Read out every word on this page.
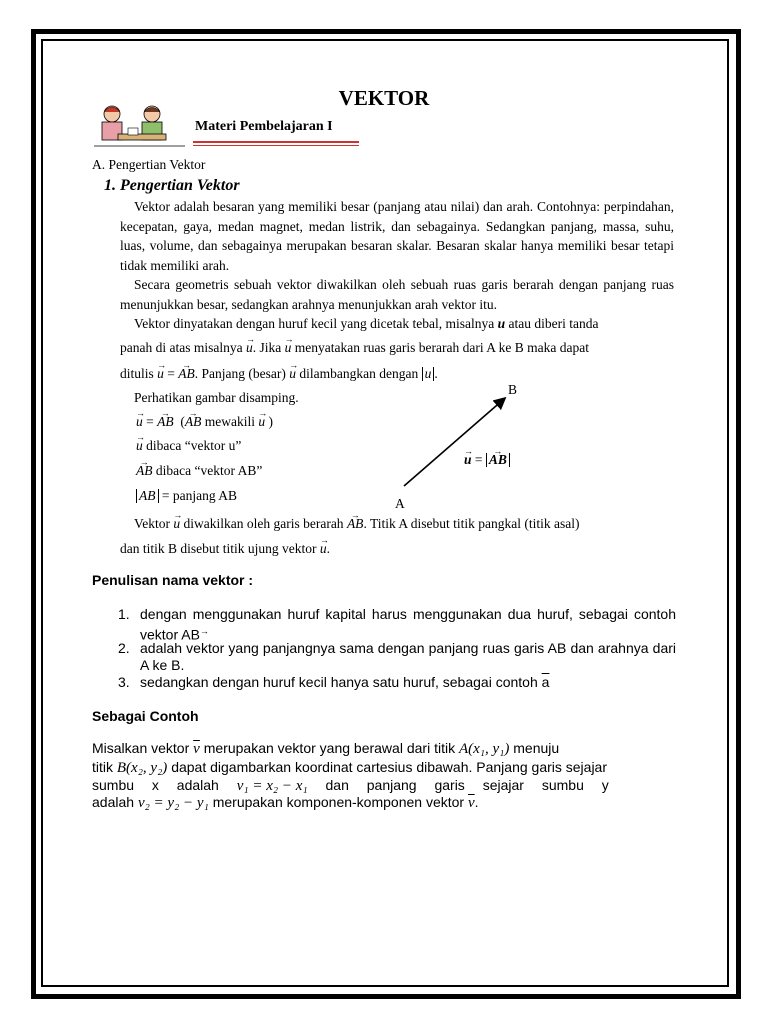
VEKTOR
Materi Pembelajaran I
A. Pengertian Vektor
1. Pengertian Vektor
Vektor adalah besaran yang memiliki besar (panjang atau nilai) dan arah. Contohnya: perpindahan, kecepatan, gaya, medan magnet, medan listrik, dan sebagainya. Sedangkan panjang, massa, suhu, luas, volume, dan sebagainya merupakan besaran skalar. Besaran skalar hanya memiliki besar tetapi tidak memiliki arah.
Secara geometris sebuah vektor diwakilkan oleh sebuah ruas garis berarah dengan panjang ruas menunjukkan besar, sedangkan arahnya menunjukkan arah vektor itu.
Vektor dinyatakan dengan huruf kecil yang dicetak tebal, misalnya u atau diberi tanda
panah di atas misalnya → u. Jika → u menyatakan ruas garis berarah dari A ke B maka dapat
ditulis → u = → AB. Panjang (besar) → u dilambangkan dengan u .
Perhatikan gambar disamping.
→ u = → AB (→ AB mewakili → u )
→ u dibaca “vektor u”
→ AB dibaca “vektor AB”
AB = panjang AB
A
B
→ u = → AB
Vektor → u diwakilkan oleh garis berarah → AB. Titik A disebut titik pangkal (titik asal)
dan titik B disebut titik ujung vektor → u.
Penulisan nama vektor :
1. dengan menggunakan huruf kapital harus menggunakan dua huruf, sebagai contoh vektor AB→
2. adalah vektor yang panjangnya sama dengan panjang ruas garis AB dan arahnya dari A ke B.
3. sedangkan dengan huruf kecil hanya satu huruf, sebagai contoh $\overline{a}$
Sebagai Contoh
Misalkan vektor $\overline{v}$ merupakan vektor yang berawal dari titik A(x₁, y₁) menuju
titik B(x₂, y₂) dapat digambarkan koordinat cartesius dibawah. Panjang garis sejajar
sumbu x adalah v₁ = x₂ − x₁ dan panjang garis sejajar sumbu y
adalah v₂ = y₂ − y₁ merupakan komponen-komponen vektor $\overline{v}$.
